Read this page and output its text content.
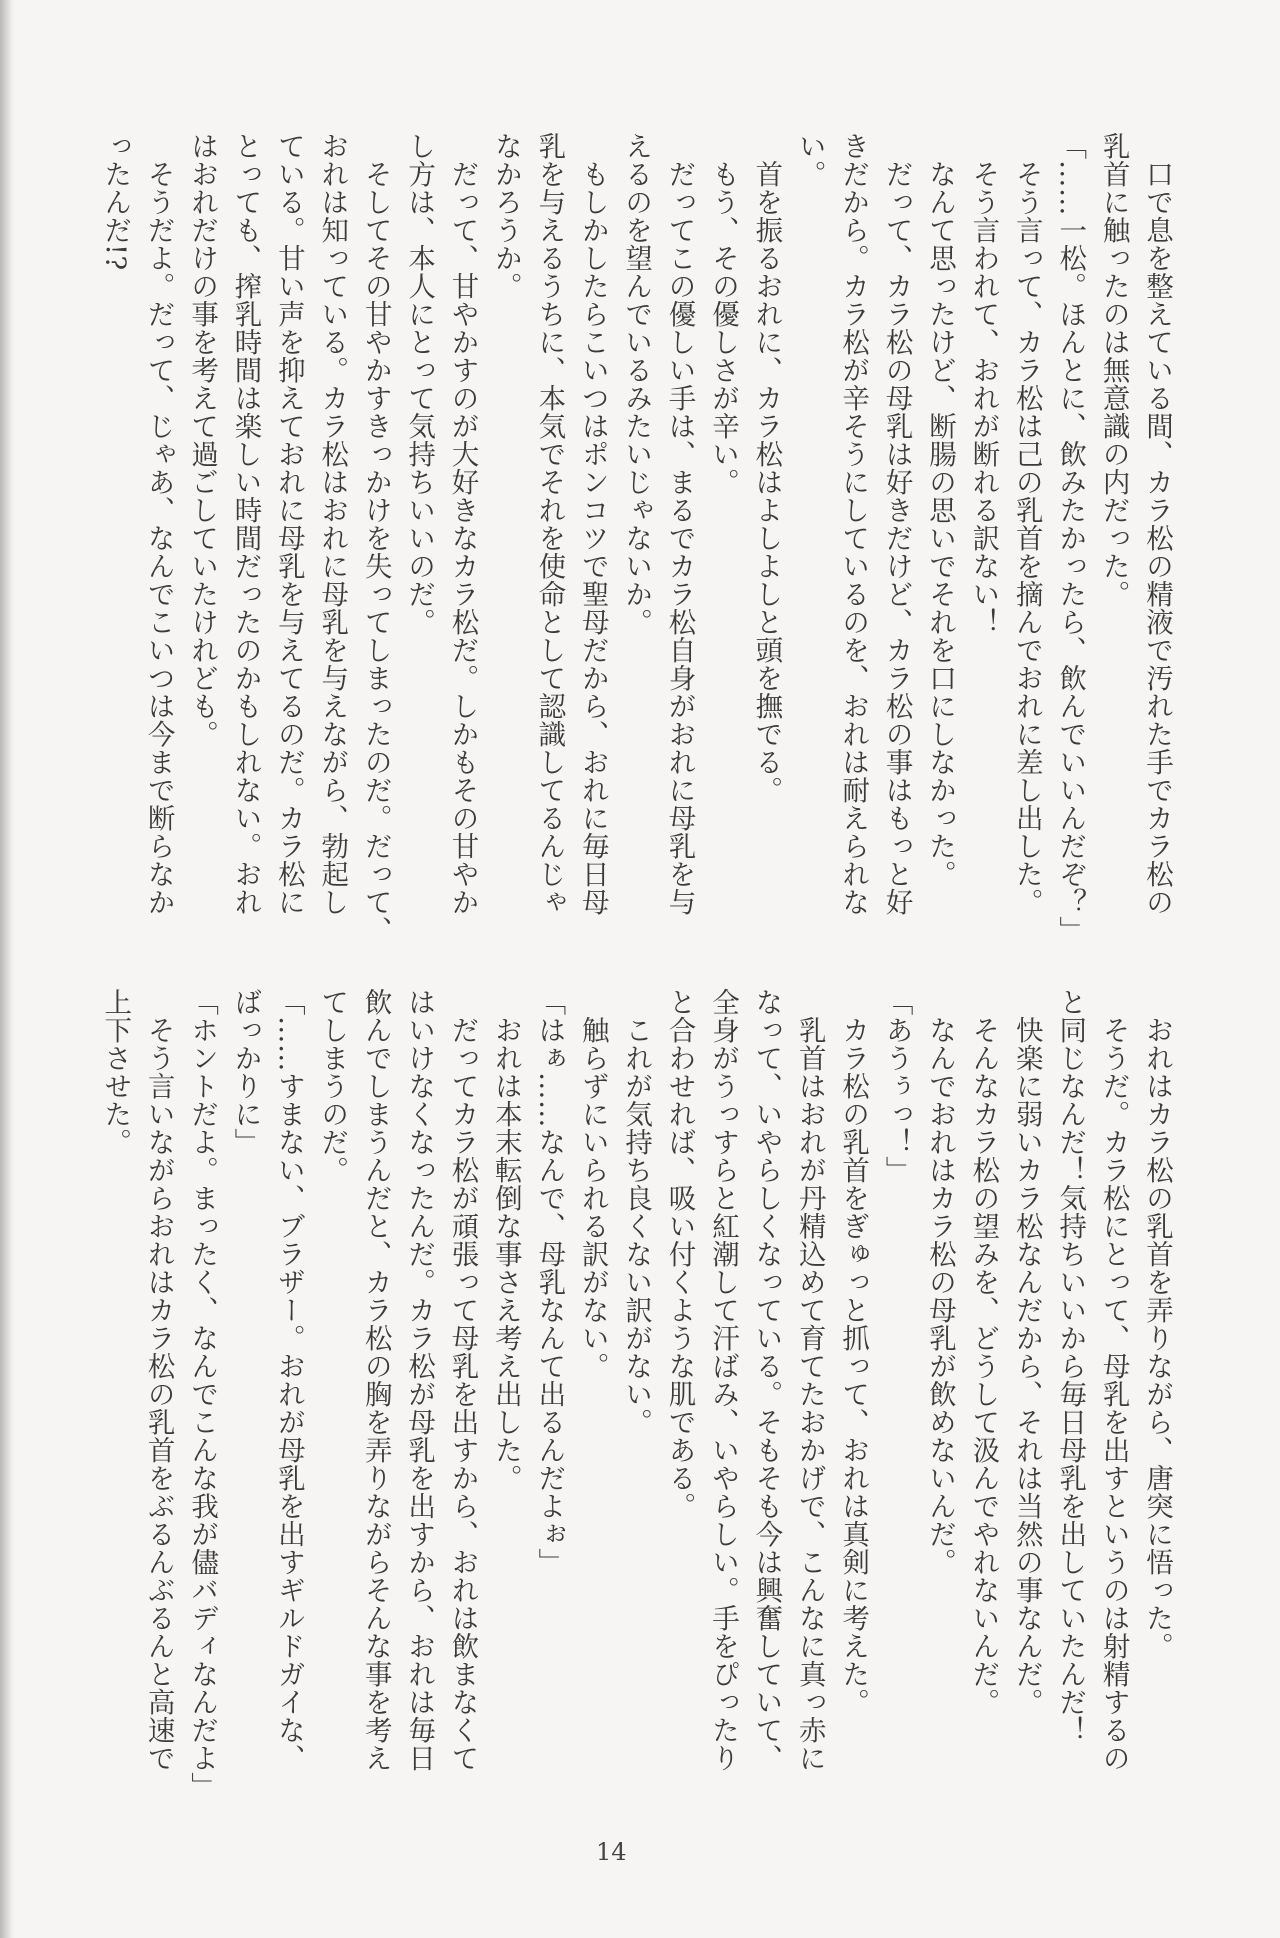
　口で息を整えている間、カラ松の精液で汚れた手でカラ松の
乳首に触ったのは無意識の内だった。
「……一松。ほんとに、飲みたかったら、飲んでいいんだぞ？」
　そう言って、カラ松は己の乳首を摘んでおれに差し出した。
　そう言われて、おれが断れる訳ない！
　なんて思ったけど、断腸の思いでそれを口にしなかった。
　だって、カラ松の母乳は好きだけど、カラ松の事はもっと好
きだから。カラ松が辛そうにしているのを、おれは耐えられな
い。
　首を振るおれに、カラ松はよしよしと頭を撫でる。
　もう、その優しさが辛い。
　だってこの優しい手は、まるでカラ松自身がおれに母乳を与
えるのを望んでいるみたいじゃないか。
　もしかしたらこいつはポンコツで聖母だから、おれに毎日母
乳を与えるうちに、本気でそれを使命として認識してるんじゃ
なかろうか。
　だって、甘やかすのが大好きなカラ松だ。しかもその甘やか
し方は、本人にとって気持ちいいのだ。
　そしてその甘やかすきっかけを失ってしまったのだ。だって、
おれは知っている。カラ松はおれに母乳を与えながら、勃起し
ている。甘い声を抑えておれに母乳を与えてるのだ。カラ松に
とっても、搾乳時間は楽しい時間だったのかもしれない。おれ
はおれだけの事を考えて過ごしていたけれども。
　そうだよ。だって、じゃあ、なんでこいつは今まで断らなか
ったんだ!?
　おれはカラ松の乳首を弄りながら、唐突に悟った。
　そうだ。カラ松にとって、母乳を出すというのは射精するの
と同じなんだ！気持ちいいから毎日母乳を出していたんだ！
　快楽に弱いカラ松なんだから、それは当然の事なんだ。
　そんなカラ松の望みを、どうして汲んでやれないんだ。
　なんでおれはカラ松の母乳が飲めないんだ。
「あうぅっ！」
　カラ松の乳首をぎゅっと抓って、おれは真剣に考えた。
　乳首はおれが丹精込めて育てたおかげで、こんなに真っ赤に
なって、いやらしくなっている。そもそも今は興奮していて、
全身がうっすらと紅潮して汗ばみ、いやらしい。手をぴったり
と合わせれば、吸い付くような肌である。
　これが気持ち良くない訳がない。
　触らずにいられる訳がない。
「はぁ……なんで、母乳なんて出るんだよぉ」
　おれは本末転倒な事さえ考え出した。
　だってカラ松が頑張って母乳を出すから、おれは飲まなくて
はいけなくなったんだ。カラ松が母乳を出すから、おれは毎日
飲んでしまうんだと、カラ松の胸を弄りながらそんな事を考え
てしまうのだ。
「……すまない、ブラザー。おれが母乳を出すギルドガイな、
ばっかりに」
「ホントだよ。まったく、なんでこんな我が儘バディなんだよ」
　そう言いながらおれはカラ松の乳首をぶるんぶるんと高速で
上下させた。
14
